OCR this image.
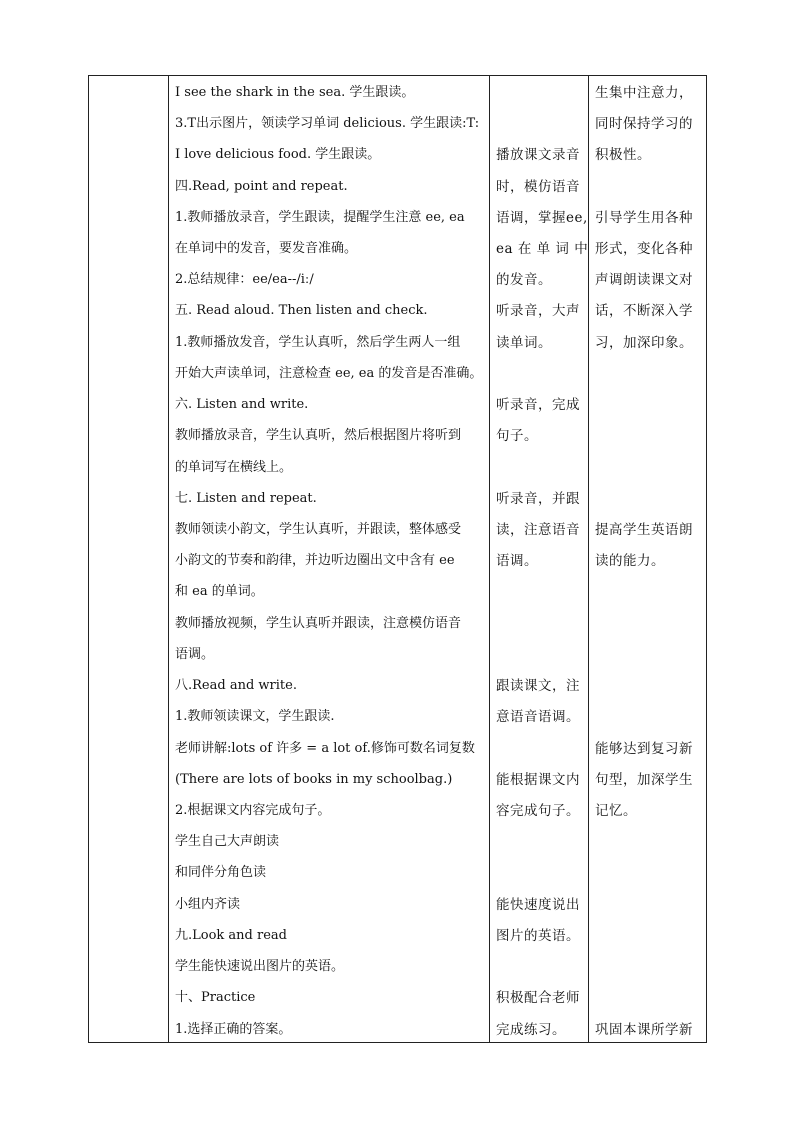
I see the shark in the sea. 学生跟读。
3.T出示图片，领读学习单词 delicious. 学生跟读:T:
I love delicious food. 学生跟读。
四.Read, point and repeat.
1.教师播放录音，学生跟读，提醒学生注意 ee, ea
在单词中的发音，要发音准确。
2.总结规律：ee/ea--/iː/
五. Read aloud. Then listen and check.
1.教师播放发音，学生认真听，然后学生两人一组
开始大声读单词，注意检查 ee, ea 的发音是否准确。
六. Listen and write.
教师播放录音，学生认真听，然后根据图片将听到
的单词写在横线上。
七. Listen and repeat.
教师领读小韵文，学生认真听，并跟读，整体感受
小韵文的节奏和韵律，并边听边圈出文中含有 ee
和 ea 的单词。
教师播放视频，学生认真听并跟读，注意模仿语音
语调。
八.Read and write.
1.教师领读课文，学生跟读.
老师讲解:lots of 许多 = a lot of.修饰可数名词复数
(There are lots of books in my schoolbag.)
2.根据课文内容完成句子。
学生自己大声朗读
和同伴分角色读
小组内齐读
九.Look and read
学生能快速说出图片的英语。
十、Practice
1.选择正确的答案。
播放课文录音
时，模仿语音
语调，掌握ee,
ea 在 单 词 中
的发音。
听录音，大声
读单词。
听录音，完成
句子。
听录音，并跟
读，注意语音
语调。
跟读课文，注
意语音语调。
能根据课文内
容完成句子。
能快速度说出
图片的英语。
积极配合老师
完成练习。
生集中注意力，
同时保持学习的
积极性。
引导学生用各种
形式，变化各种
声调朗读课文对
话，不断深入学
习，加深印象。
提高学生英语朗
读的能力。
能够达到复习新
句型，加深学生
记忆。
巩固本课所学新
